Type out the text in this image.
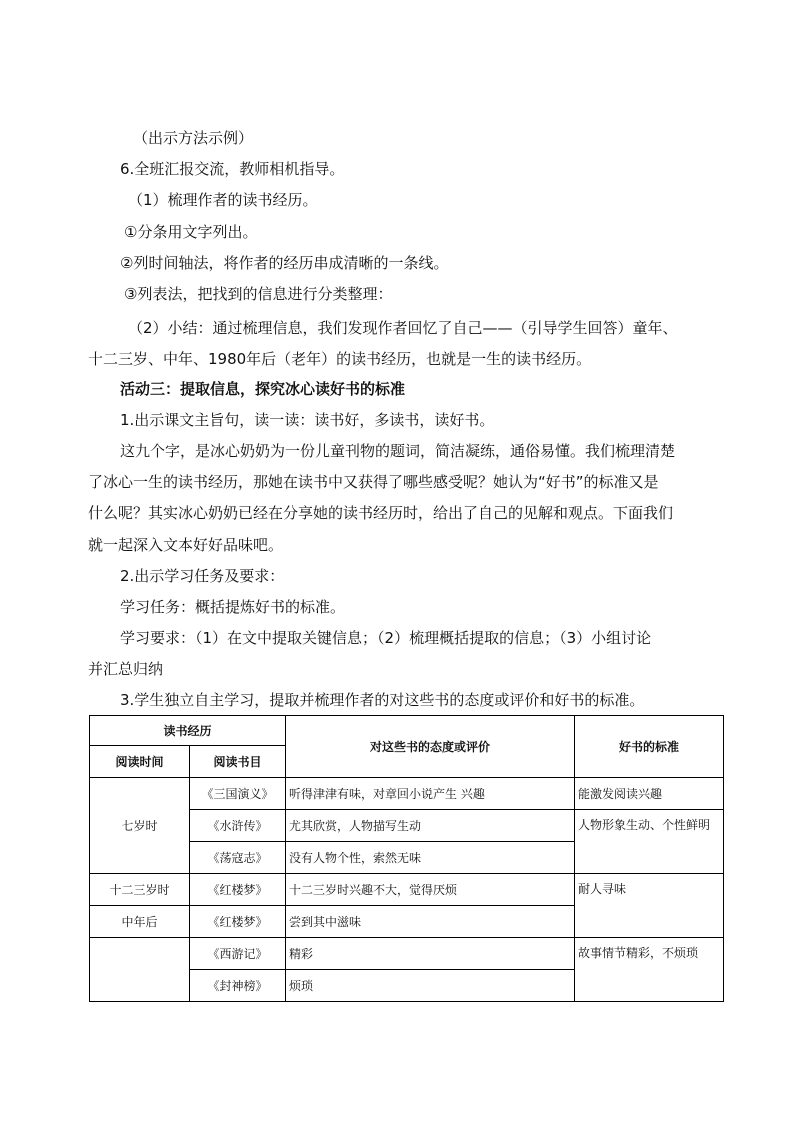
（出示方法示例）
6.全班汇报交流，教师相机指导。
（1）梳理作者的读书经历。
①分条用文字列出。
②列时间轴法，将作者的经历串成清晰的一条线。
③列表法，把找到的信息进行分类整理：
（2）小结：通过梳理信息，我们发现作者回忆了自己——（引导学生回答）童年、
十二三岁、中年、1980年后（老年）的读书经历，也就是一生的读书经历。
活动三：提取信息，探究冰心读好书的标准
1.出示课文主旨句，读一读：读书好，多读书，读好书。
这九个字，是冰心奶奶为一份儿童刊物的题词，简洁凝练，通俗易懂。我们梳理清楚
了冰心一生的读书经历，那她在读书中又获得了哪些感受呢？她认为“好书”的标准又是
什么呢？其实冰心奶奶已经在分享她的读书经历时，给出了自己的见解和观点。下面我们
就一起深入文本好好品味吧。
2.出示学习任务及要求：
学习任务：概括提炼好书的标准。
学习要求：（1）在文中提取关键信息；（2）梳理概括提取的信息；（3）小组讨论
并汇总归纳
3.学生独立自主学习，提取并梳理作者的对这些书的态度或评价和好书的标准。
读书经历		对这些书的态度或评价	好书的标准
阅读时间	阅读书目		
七岁时	《三国演义》	听得津津有味，对章回小说产生 兴趣	能激发阅读兴趣
	《水浒传》	尤其欣赏，人物描写生动	人物形象生动、个性鲜明
	《荡寇志》	没有人物个性，索然无味	
十二三岁时	《红楼梦》	十二三岁时兴趣不大，觉得厌烦	耐人寻味
中年后	《红楼梦》	尝到其中滋味	
	《西游记》	精彩	故事情节精彩，不烦琐
	《封神榜》	烦琐	
